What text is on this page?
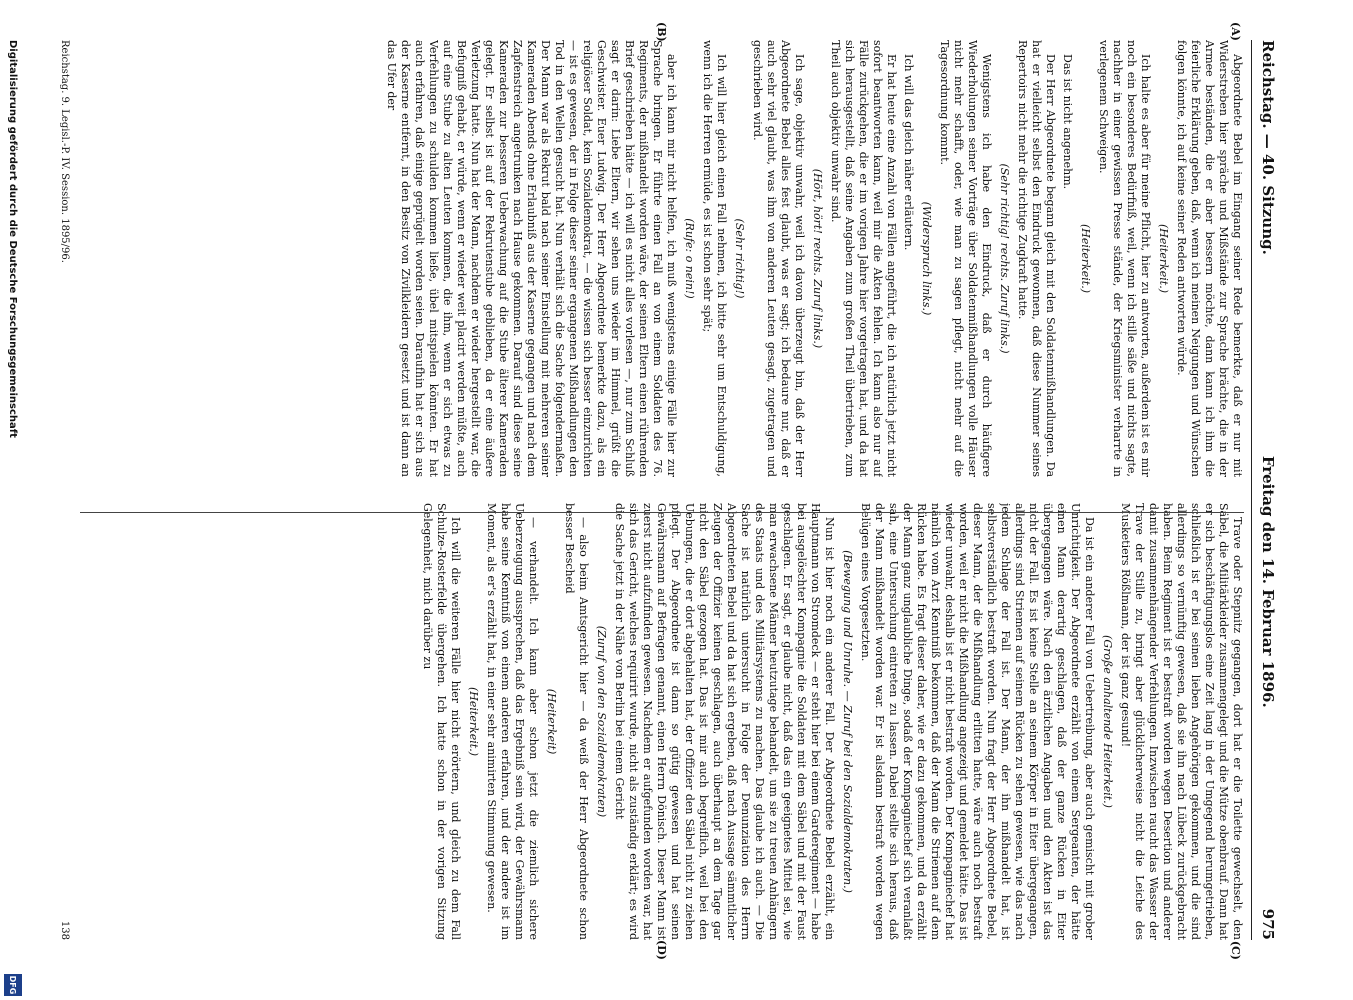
Reichstag. — 40. Sitzung.
Freitag den 14. Februar 1896.
975
(A)
(B)
(C)
(D)

Abgeordnete Bebel im Eingang seiner Rede bemerkte, daß er nur mit Widerstreben hier spräche und Mißstände zur Sprache brächte, die in der Armee beständen, die er aber bessern möchte, dann kann ich ihm die feierliche Erklärung geben, daß, wenn ich meinen Neigungen und Wünschen folgen könnte, ich auf keine seiner Reden antworten würde.

(Heiterkeit.)

Ich halte es aber für meine Pflicht, hier zu antworten, außerdem ist es mir noch ein besonderes Bedürfniß, weil, wenn ich stille säße und nichts sagte, nachher in einer gewissen Presse stände, der Kriegsminister verharrte in verlegenem Schweigen.

(Heiterkeit.)

Das ist nicht angenehm.

Der Herr Abgeordnete begann gleich mit den Soldatenmißhandlungen. Da hat er vielleicht selbst den Eindruck gewonnen, daß diese Nummer seines Repertoirs nicht mehr die richtige Zugkraft hatte.

(Sehr richtig! rechts. Zuruf links.)

Wenigstens ich habe den Eindruck, daß er durch häufigere Wiederholungen seiner Vorträge über Soldatenmißhandlungen volle Häuser nicht mehr schafft, oder, wie man zu sagen pflegt, nicht mehr auf die Tagesordnung kommt.

(Widerspruch links.)

Ich will das gleich näher erläutern.

Er hat heute eine Anzahl von Fällen angeführt, die ich natürlich jetzt nicht sofort beantworten kann, weil mir die Akten fehlen. Ich kann also nur auf Fälle zurückgehen, die er im vorigen Jahre hier vorgetragen hat, und da hat sich herausgestellt, daß seine Angaben zum großen Theil übertrieben, zum Theil auch objektiv unwahr sind.

(Hört, hört! rechts. Zuruf links.)

Ich sage, objektiv unwahr, weil ich davon überzeugt bin, daß der Herr Abgeordnete Bebel alles fest glaubt, was er sagt; ich bedaure nur, daß er auch sehr viel glaubt, was ihm von anderen Leuten gesagt, zugetragen und geschrieben wird.

(Sehr richtig!)

Ich will hier gleich einen Fall nehmen, ich bitte sehr um Entschuldigung, wenn ich die Herren ermüde, es ist schon sehr spät;

(Rufe: o nein!)

aber ich kann mir nicht helfen, ich muß wenigstens einige Fälle hier zur Sprache bringen. Er führte einen Fall an von einem Soldaten des 76. Regiments, der mißhandelt worden wäre, der seinen Eltern einen rührenden Brief geschrieben hätte — ich will es nicht alles vorlesen —, nur zum Schluß sagt er darin: Liebe Eltern, wir sehen uns wieder im Himmel, grüßt die Geschwister. Euer Ludwig. Der Herr Abgeordnete bemerkte dazu, als ein religiöser Soldat, kein Sozialdemokrat, — die wissen sich besser einzurichten — ist es gewesen, der in Folge dieser seiner ergangenen Mißhandlungen den Tod in den Wellen gesucht hat. Nun verhält sich die Sache folgendermaßen. Der Mann war als Rekrut bald nach seiner Einstellung mit mehreren seiner Kameraden Abends ohne Erlaubniß aus der Kaserne gegangen und nach dem Zapfenstreich angetrunken nach Hause gekommen. Darauf sind diese seine Kameraden zur besseren Ueberwachung auf die Stube älterer Kameraden gelegt. Er selbst ist auf der Rekrutenstube geblieben, da er eine äußere Verletzung hatte. Nun hat der Mann, nachdem er wieder hergestellt war, die Befugniß gehabt, er würde, wenn er wieder weit placirt werden müßte, auch auf eine Stube zu alten Leuten kommen, die ihm, wenn er sich etwas zu Verfehlungen zu schulden kommen ließe, übel mitspielen könnten. Er hat auch erfahren, daß einige geprügelt worden seien. Daraufhin hat er sich aus der Kaserne entfernt, in den Besitz von Zivilkleidern gesetzt und ist dann an das Ufer der

Trave oder Stepnitz gegangen, dort hat er die Toilette gewechselt, den Säbel, die Militärkleider zusammengelegt und die Mütze obenbrauf. Dann hat er sich beschäftigungslos eine Zeit lang in der Umgegend herumgetrieben, schließlich ist er bei seinen lieben Angehörigen gekommen, und die sind allerdings so vernünftig gewesen, daß sie ihn nach Lübeck zurückgebracht haben. Beim Regiment ist er bestraft worden wegen Desertion und anderer damit zusammenhängender Verfehlungen. Inzwischen raucht das Wasser der Trave der Stille zu, bringt aber glücklicherweise nicht die Leiche des Musketiers Rößlmann, der ist ganz gesund!

(Große anhaltende Heiterkeit.)

Da ist ein anderer Fall von Uebertreibung, aber auch gemischt mit grober Unrichtigkeit. Der Abgeordnete erzählt von einem Sergeanten, der hätte einen Mann derartig geschlagen, daß der ganze Rücken in Eiter übergegangen wäre. Nach den ärztlichen Angaben und den Akten ist das nicht der Fall. Es ist keine Stelle an seinem Körper in Eiter übergegangen, allerdings sind Striemen auf seinem Rücken zu sehen gewesen, wie das nach jedem Schlage der Fall ist. Der Mann, der ihn mißhandelt hat, ist selbstverständlich bestraft worden. Nun fragt der Herr Abgeordnete Bebel, dieser Mann, der die Mißhandlung erlitten hatte, wäre auch noch bestraft worden, weil er nicht die Mißhandlung angezeigt und gemeldet hätte. Das ist wieder unwahr, deshalb ist er nicht bestraft worden. Der Kompagniechef hat nämlich vom Arzt Kenntniß bekommen, daß der Mann die Striemen auf dem Rücken habe. Es fragt dieser daher, wie er dazu gekommen, und da erzählt der Mann ganz unglaubliche Dinge, sodaß der Kompagniechef sich veranlaßt sah, eine Untersuchung eintreten zu lassen. Dabei stellte sich heraus, daß der Mann mißhandelt worden war. Er ist alsdann bestraft worden wegen Belügen eines Vorgesetzten.

(Bewegung und Unruhe. — Zuruf bei den Sozialdemokraten.)

Nun ist hier noch ein anderer Fall. Der Abgeordnete Bebel erzählt, ein Hauptmann von Stromdeck — er steht hier bei einem Garderegiment — habe bei ausgelöschter Kompagnie die Soldaten mit dem Säbel und mit der Faust geschlagen. Er sagt, er glaube nicht, daß das ein geeignetes Mittel sei, wie man erwachsene Männer heutzutage behandelt, um sie zu treuen Anhängern des Staats und des Militärsystems zu machen. Das glaube ich auch. — Die Sache ist natürlich untersucht in Folge der Denunziation des Herrn Abgeordneten Bebel und da hat sich ergeben, daß nach Aussage sämmtlicher Zeugen der Offizier keinen geschlagen, auch überhaupt an dem Tage gar nicht den Säbel gezogen hat. Das ist mir auch begreiflich, weil bei den Uebungen, die er dort abgehalten hat, der Offizier den Säbel nicht zu ziehen pflegt. Der Abgeordnete ist dann so gütig gewesen und hat seinen Gewährsmann auf Befragen genannt, einen Herrn Dönisch. Dieser Mann ist zuerst nicht aufzufinden gewesen. Nachdem er aufgefunden worden war, hat sich das Gericht, welches requirirt wurde, nicht als zuständig erklärt; es wird die Sache jetzt in der Nähe von Berlin bei einem Gericht

(Zuruf von den Sozialdemokraten)

— also beim Amtsgericht hier — da weiß der Herr Abgeordnete schon besser Bescheid

(Heiterkeit)

— verhandelt. Ich kann aber schon jetzt die ziemlich sichere Ueberzeugung aussprechen, daß das Ergebniß sein wird, der Gewährsmann habe seine Kenntniß von einem anderen erfahren, und der andere ist im Moment, als er's erzählt hat, in einer sehr animirten Stimmung gewesen.

(Heiterkeit.)

Ich will die weiteren Fälle hier nicht erörtern, und gleich zu dem Fall Schulze-Rosterfelde übergehen. Ich hatte schon in der vorigen Sitzung Gelegenheit, mich darüber zu

Reichstag. 9. Legisl.-P. IV. Session. 1895/96.
138
Digitalisierung gefördert durch die Deutsche Forschungsgemeinschaft
DFG
